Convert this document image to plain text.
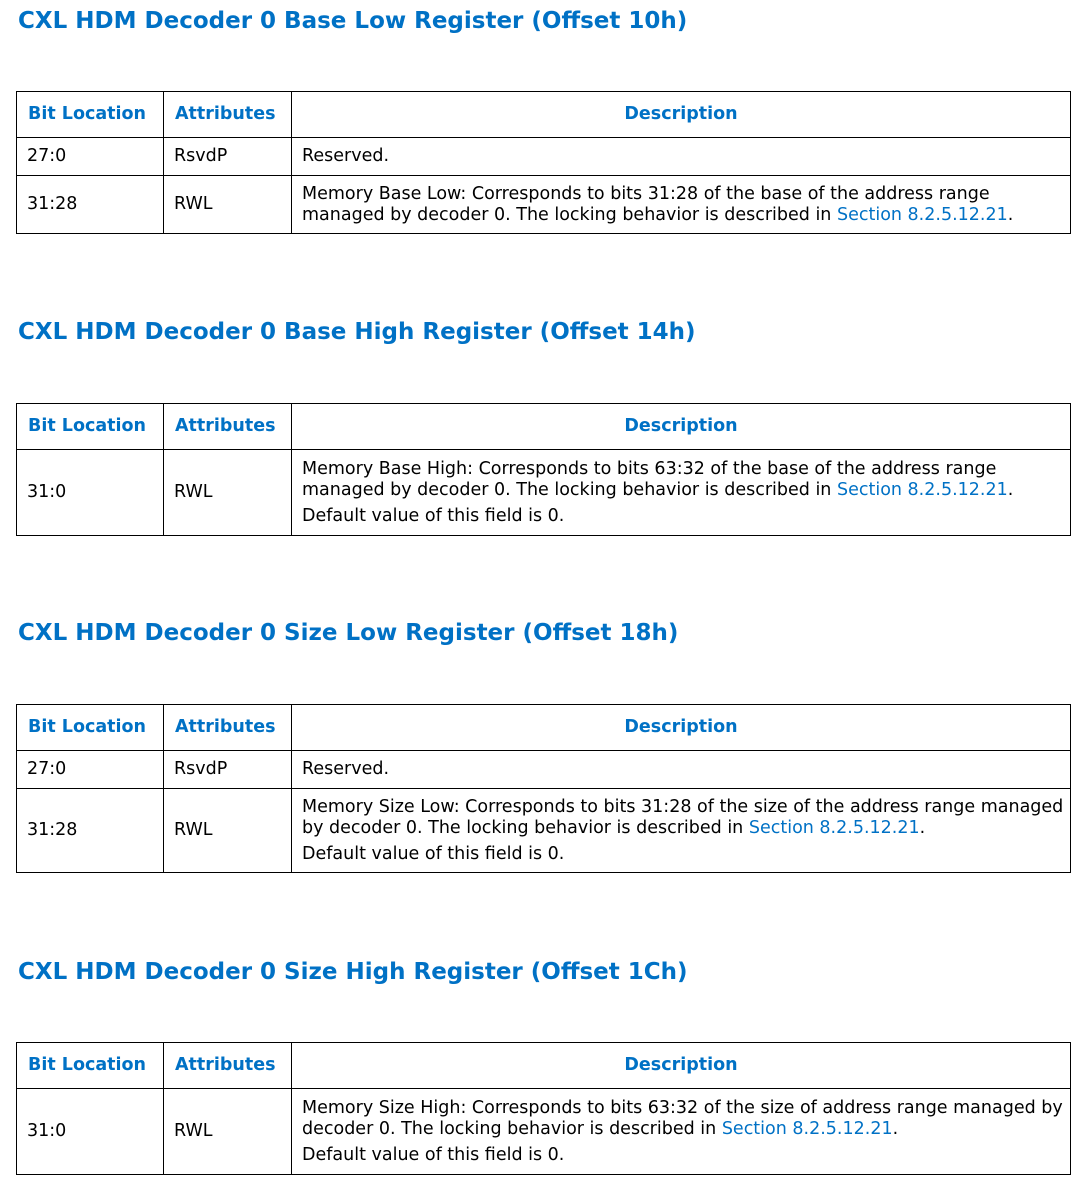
CXL HDM Decoder 0 Base Low Register (Offset 10h)
Bit Location	Attributes	Description
27:0	RsvdP	Reserved.
31:28	RWL	Memory Base Low: Corresponds to bits 31:28 of the base of the address range managed by decoder 0. The locking behavior is described in Section 8.2.5.12.21.
CXL HDM Decoder 0 Base High Register (Offset 14h)
Bit Location	Attributes	Description
31:0	RWL	Memory Base High: Corresponds to bits 63:32 of the base of the address range managed by decoder 0. The locking behavior is described in Section 8.2.5.12.21.
Default value of this field is 0.
CXL HDM Decoder 0 Size Low Register (Offset 18h)
Bit Location	Attributes	Description
27:0	RsvdP	Reserved.
31:28	RWL	Memory Size Low: Corresponds to bits 31:28 of the size of the address range managed by decoder 0. The locking behavior is described in Section 8.2.5.12.21.
Default value of this field is 0.
CXL HDM Decoder 0 Size High Register (Offset 1Ch)
Bit Location	Attributes	Description
31:0	RWL	Memory Size High: Corresponds to bits 63:32 of the size of address range managed by decoder 0. The locking behavior is described in Section 8.2.5.12.21.
Default value of this field is 0.
